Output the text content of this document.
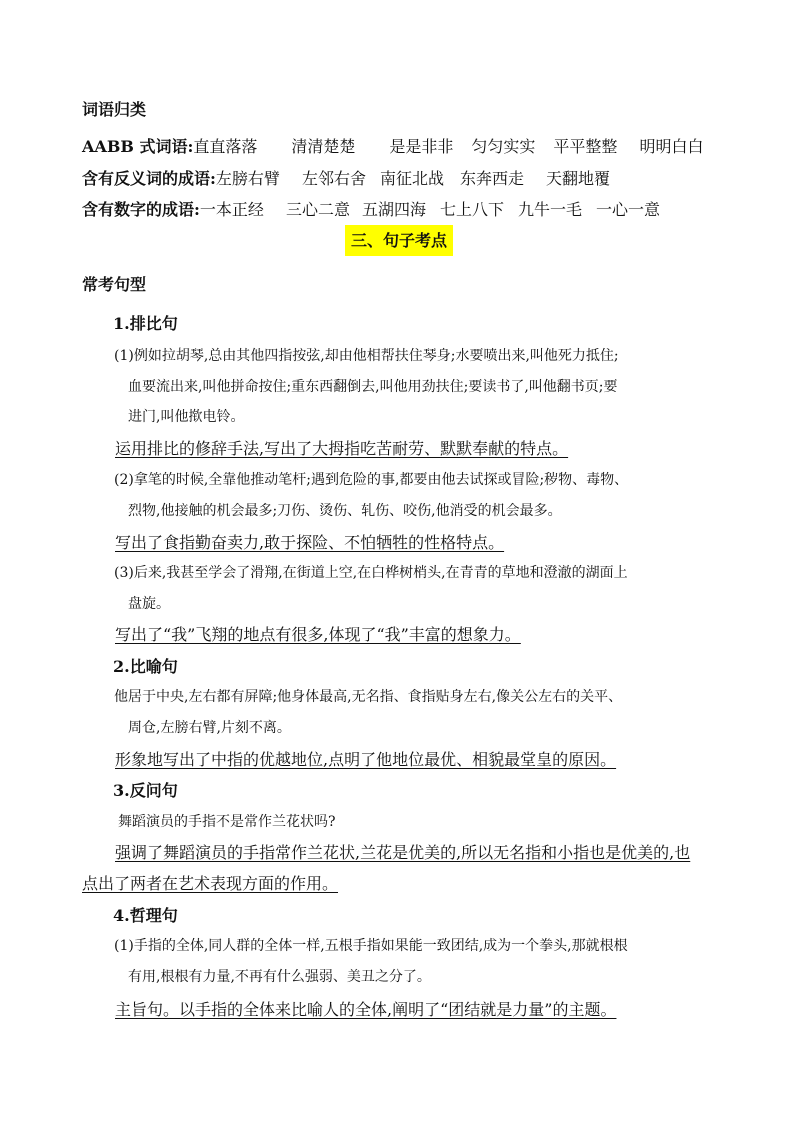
词语归类
AABB 式词语:直直落落 清清楚楚 是是非非 匀匀实实 平平整整 明明白白
含有反义词的成语:左膀右臂 左邻右舍 南征北战 东奔西走 天翻地覆
含有数字的成语:一本正经 三心二意 五湖四海 七上八下 九牛一毛 一心一意
三、句子考点
常考句型
1.排比句
(1)例如拉胡琴,总由其他四指按弦,却由他相帮扶住琴身;水要喷出来,叫他死力抵住;
血要流出来,叫他拼命按住;重东西翻倒去,叫他用劲扶住;要读书了,叫他翻书页;要
进门,叫他揿电铃。
运用排比的修辞手法,写出了大拇指吃苦耐劳、默默奉献的特点。
(2)拿笔的时候,全靠他推动笔杆;遇到危险的事,都要由他去试探或冒险;秽物、毒物、
烈物,他接触的机会最多;刀伤、烫伤、轧伤、咬伤,他消受的机会最多。
写出了食指勤奋卖力,敢于探险、不怕牺牲的性格特点。
(3)后来,我甚至学会了滑翔,在街道上空,在白桦树梢头,在青青的草地和澄澈的湖面上
盘旋。
写出了“我”飞翔的地点有很多,体现了“我”丰富的想象力。
2.比喻句
他居于中央,左右都有屏障;他身体最高,无名指、食指贴身左右,像关公左右的关平、
周仓,左膀右臂,片刻不离。
形象地写出了中指的优越地位,点明了他地位最优、相貌最堂皇的原因。
3.反问句
舞蹈演员的手指不是常作兰花状吗?
强调了舞蹈演员的手指常作兰花状,兰花是优美的,所以无名指和小指也是优美的,也
点出了两者在艺术表现方面的作用。
4.哲理句
(1)手指的全体,同人群的全体一样,五根手指如果能一致团结,成为一个拳头,那就根根
有用,根根有力量,不再有什么强弱、美丑之分了。
主旨句。以手指的全体来比喻人的全体,阐明了“团结就是力量”的主题。
